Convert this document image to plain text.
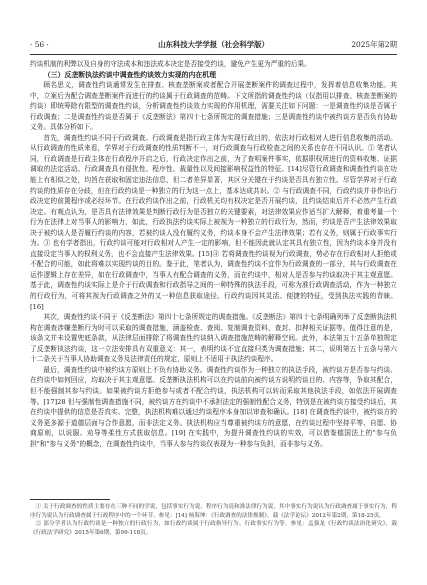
· 56 ·	山东科技大学学报（社会科学版）	2025年第2期

约谈机制的利弊以及自身的守法成本和违法成本决定是否接受约谈，避免产生更为严重的后果。

（三）反垄断执法约谈中调查性约谈效力实现的内在机理

顾名思义，调查性约谈通常发生在排查、核查垄断案或者配合开展垄断案件的调查过程中，发挥着信息收集功能。其中，立案后为配合调查垄断案件而进行的约谈属于行政调查的范畴。下文所指的调查性约谈（仅指用以排查、核查垄断案的约谈）即统筹除有限型的调查性约谈，分析调查性约谈效力实现的作用机理，需要关注如下问题：一是调查性约谈是否属于行政调查；二是调查性约谈是否属于《反垄断法》第四十七条所规定的调查措施；三是调查性约谈中被约谈方是否负有协助义务。具体分析如下。

首先，调查性约谈不同于行政调查。行政调查是指行政主体为实现行政目的，依法对行政相对人进行信息收集的活动。从行政调查的性质来看，学界对于行政调查的性质判断不一，对行政调查与行政检查之间的关系也存在不同认识。① 笔者认同，行政调查是行政主体在行政程序开启之后，行政决定作出之前，为了查明案件事实，依据职权所进行的资料收集、证据调取的法定活动。行政调查具有侵扰性、程序性、裁量性以及间接影响权益性的特征。[14]尽管行政调查和调查性约谈在功能上有相似之处，均旨在获取和固定违法信息，但二者差异显著，其区分关键在于约谈是否具有独立性。尽管学界对于行政约谈的性质存在分歧，但在行政约谈是一种独立的行为这一点上，基本达成共识。② 与行政调查不同，行政约谈并非作出行政决定的前置程序或必经环节。在行政约谈作出之前，行政机关均有权决定是否开展约谈，且约谈结束后并不必然产生行政决定。有观点认为，是否具有法律效果是判断行政行为是否独立的关键要素，对法律效果应作适当扩大解释，着重考量一个行为在法律上对当事人的影响力，如此，行政执法约谈实际上被视为一种独立的行政行为，然而，约谈是否产生法律效果取决于被约谈人是否履行约谈的内容，若被约谈人没有履约义务，约谈本身不会产生法律效果；若有义务，则属于行政事实行为。③ 也有学者指出，行政约谈可能对行政相对人产生一定的影响，但不能因此就认定其具有独立性，因为约谈本身并没有直接设定当事人的权利义务，也不会直接产生法律效果。[15]④ 若将调查性约谈视为行政调查，势必存在行政相对人拒绝或不配合的可能，如此将难以实现约谈的目的。鉴于此，笔者认为，调查性约谈不宜作为行政调查的一部分，其与行政调查在运作逻辑上存在差异，如在行政调查中，当事人有配合调查的义务，而在约谈中，相对人是否参与约谈取决于其主观意愿。基于此，调查性约谈实际上是介于行政调查和行政指导之间的一种特殊的执法手段，可称为准行政调查活动，作为一种独立的行政行为，可将其视为行政调查之外的又一种信息获取途径。行政约谈因其灵活、便捷的特征，受到执法实践的青睐。[16]

其次，调查性约谈不同于《反垄断法》第四十七条所规定的调查措施。《反垄断法》第四十七条明确列举了反垄断执法机构在调查涉嫌垄断行为时可以采取的调查措施，涵盖检查、查阅、复制调查资料，查封、扣押相关证据等。值得注意的是，该条文并未设置兜底条款，从法律层面排除了将调查性约谈纳入调查措施范畴的解释空间。此外，本法第五十五条单独规定了反垄断执法约谈，这一立法安排具有双重意义：其一，表明约谈不宜直接归类为调查措施；其二，说明第五十五条与第六十二条关于当事人协助调查义务及法律责任的规定，原则上不适用于执法约谈程序。

最后，调查性约谈中被约谈方原则上不负有协助义务。调查性约谈作为一种独立的执法手段，被约谈方是否参与约谈、在约谈中如何回应，均取决于其主观意愿。反垄断执法机构可以在约谈前向被约谈方说明约谈目的、内容等，争取其配合，但不能强制其参与约谈。如果被约谈方拒绝参与或者不配合约谈，执法机构可以转而采取其他执法手段，如依法开展调查等。[17]28 但与强制性调查措施不同，被约谈方在约谈中不承担法定的强制性配合义务，特别是在被约谈方接受约谈后，其在约谈中提供的信息是否真实、完整，执法机构难以通过约谈程序本身加以审查和确认。[18] 在调查性约谈中，被约谈方的义务更多源于道德层面与合作意愿，而非法定义务。执法机构应当尊重被约谈方的意愿，在约谈过程中坚持平等、自愿、协商原则，以说服、劝导等柔性方式获取信息。[19] 在实践中，为提升调查性约谈的实效，可以借鉴德国法上的"参与负担"和"参与义务"的概念，在调查性约谈中，当事人参与约谈仅表现为一种参与负担，而非参与义务。

① 关于行政调查的性质主要存在三种不同的学说，包括事实行为说、程序行为说和准法律行为说，其中事实行为说认为行政调查属于事实行为，程序行为说认为行政调查属于行政程序中的一个环节。参见：[14] 杨海坤：《行政调查的法律规制》，载《法学论坛》2012年第2期，第18-25页。

② 部分学者认为行政约谈是一种独立的行政行为，如行政约谈属于行政指导行为、行政事实行为等。参见：孟强龙《行政约谈法治化研究》，载《行政法学研究》2015年第6期，第99-118页。
